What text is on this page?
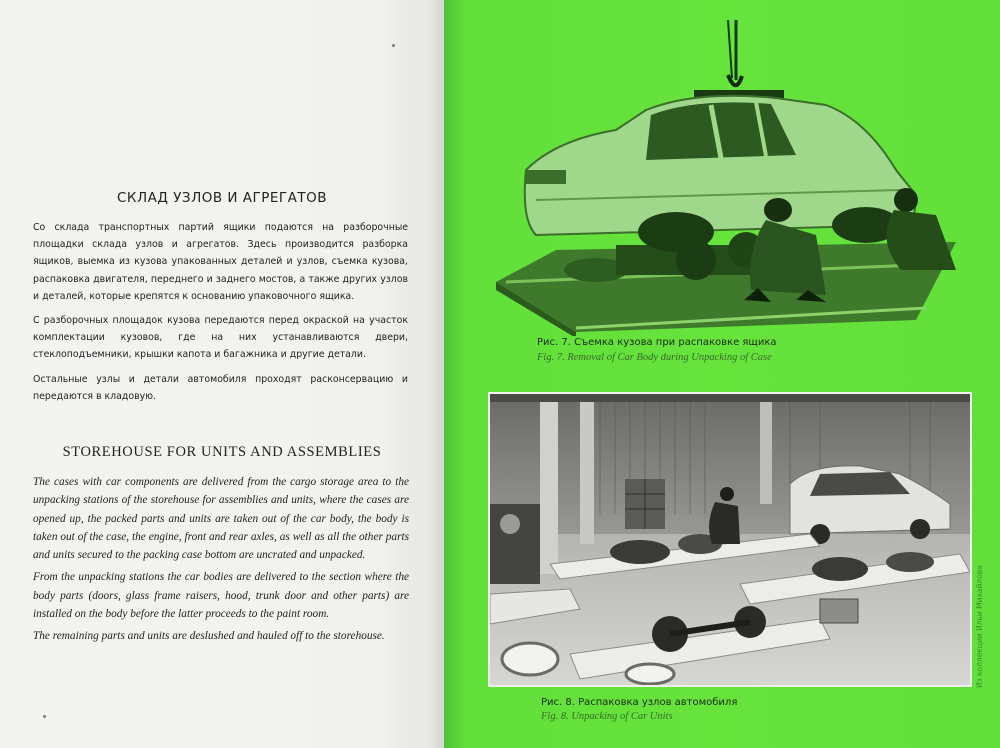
СКЛАД УЗЛОВ И АГРЕГАТОВ

Со склада транспортных партий ящики подаются на разборочные площадки склада узлов и агрегатов. Здесь производится разборка ящиков, выемка из кузова упакованных деталей и узлов, съемка кузова, распаковка двигателя, переднего и заднего мостов, а также других узлов и деталей, которые крепятся к основанию упаковочного ящика.

С разборочных площадок кузова передаются перед окраской на участок комплектации кузовов, где на них устанавливаются двери, стеклоподъемники, крышки капота и багажника и другие детали.

Остальные узлы и детали автомобиля проходят расконсервацию и передаются в кладовую.

STOREHOUSE FOR UNITS AND ASSEMBLIES

The cases with car components are delivered from the cargo storage area to the unpacking stations of the storehouse for assemblies and units, where the cases are opened up, the packed parts and units are taken out of the car body, the body is taken out of the case, the engine, front and rear axles, as well as all the other parts and units secured to the packing case bottom are uncrated and unpacked.

From the unpacking stations the car bodies are delivered to the section where the body parts (doors, glass frame raisers, hood, trunk door and other parts) are installed on the body before the latter proceeds to the paint room.

The remaining parts and units are deslushed and hauled off to the storehouse.

Рис. 7. Съемка кузова при распаковке ящика
Fig. 7. Removal of Car Body during Unpacking of Case
Рис. 8. Распаковка узлов автомобиля
Fig. 8. Unpacking of Car Units
Из коллекции Ильи Михайлова
